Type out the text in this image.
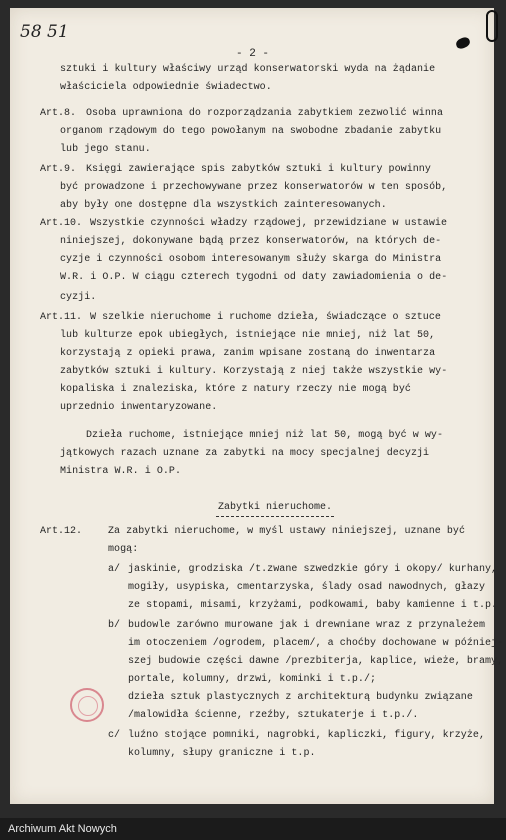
58 51
- 2 -
sztuki i kultury właściwy urząd konserwatorski wyda na żądanie
właściciela odpowiednie świadectwo.
Art.8. Osoba uprawniona do rozporządzania zabytkiem zezwolić winna
organom rządowym do tego powołanym na swobodne zbadanie zabytku
lub jego stanu.
Art.9. Księgi zawierające spis zabytków sztuki i kultury powinny
być prowadzone i przechowywane przez konserwatorów w ten sposób,
aby były one dostępne dla wszystkich zainteresowanych.
Art.10. Wszystkie czynności władzy rządowej, przewidziane w ustawie
niniejszej, dokonywane bądą przez konserwatorów, na których de-
cyzje i czynności osobom interesowanym służy skarga do Ministra
W.R. i O.P. W ciągu czterech tygodni od daty zawiadomienia o de-
cyzji.
Art.11. W szelkie nieruchome i ruchome dzieła, świadczące o sztuce
lub kulturze epok ubiegłych, istniejące nie mniej, niż lat 50,
korzystają z opieki prawa, zanim wpisane zostaną do inwentarza
zabytków sztuki i kultury. Korzystają z niej także wszystkie wy-
kopaliska i znaleziska, które z natury rzeczy nie mogą być
uprzednio inwentaryzowane.
Dzieła ruchome, istniejące mniej niż lat 50, mogą być w wy-
jątkowych razach uznane za zabytki na mocy specjalnej decyzji
Ministra W.R. i O.P.
Zabytki nieruchome.
Art.12.	Za zabytki nieruchome, w myśl ustawy niniejszej, uznane być
mogą:
a/ jaskinie, grodziska /t.zwane szwedzkie góry i okopy/ kurhany,
mogiły, usypiska, cmentarzyska, ślady osad nawodnych, głazy
ze stopami, misami, krzyżami, podkowami, baby kamienne i t.p.
b/ budowle zarówno murowane jak i drewniane wraz z przynależem
im otoczeniem /ogrodem, placem/, a choćby dochowane w później-
szej budowie części dawne /prezbiterja, kaplice, wieże, bramy,
portale, kolumny, drzwi, kominki i t.p./;
dzieła sztuk plastycznych z architekturą budynku związane
/malowidła ścienne, rzeźby, sztukaterje i t.p./.
c/ luźno stojące pomniki, nagrobki, kapliczki, figury, krzyże,
kolumny, słupy graniczne i t.p.
Archiwum Akt Nowych
